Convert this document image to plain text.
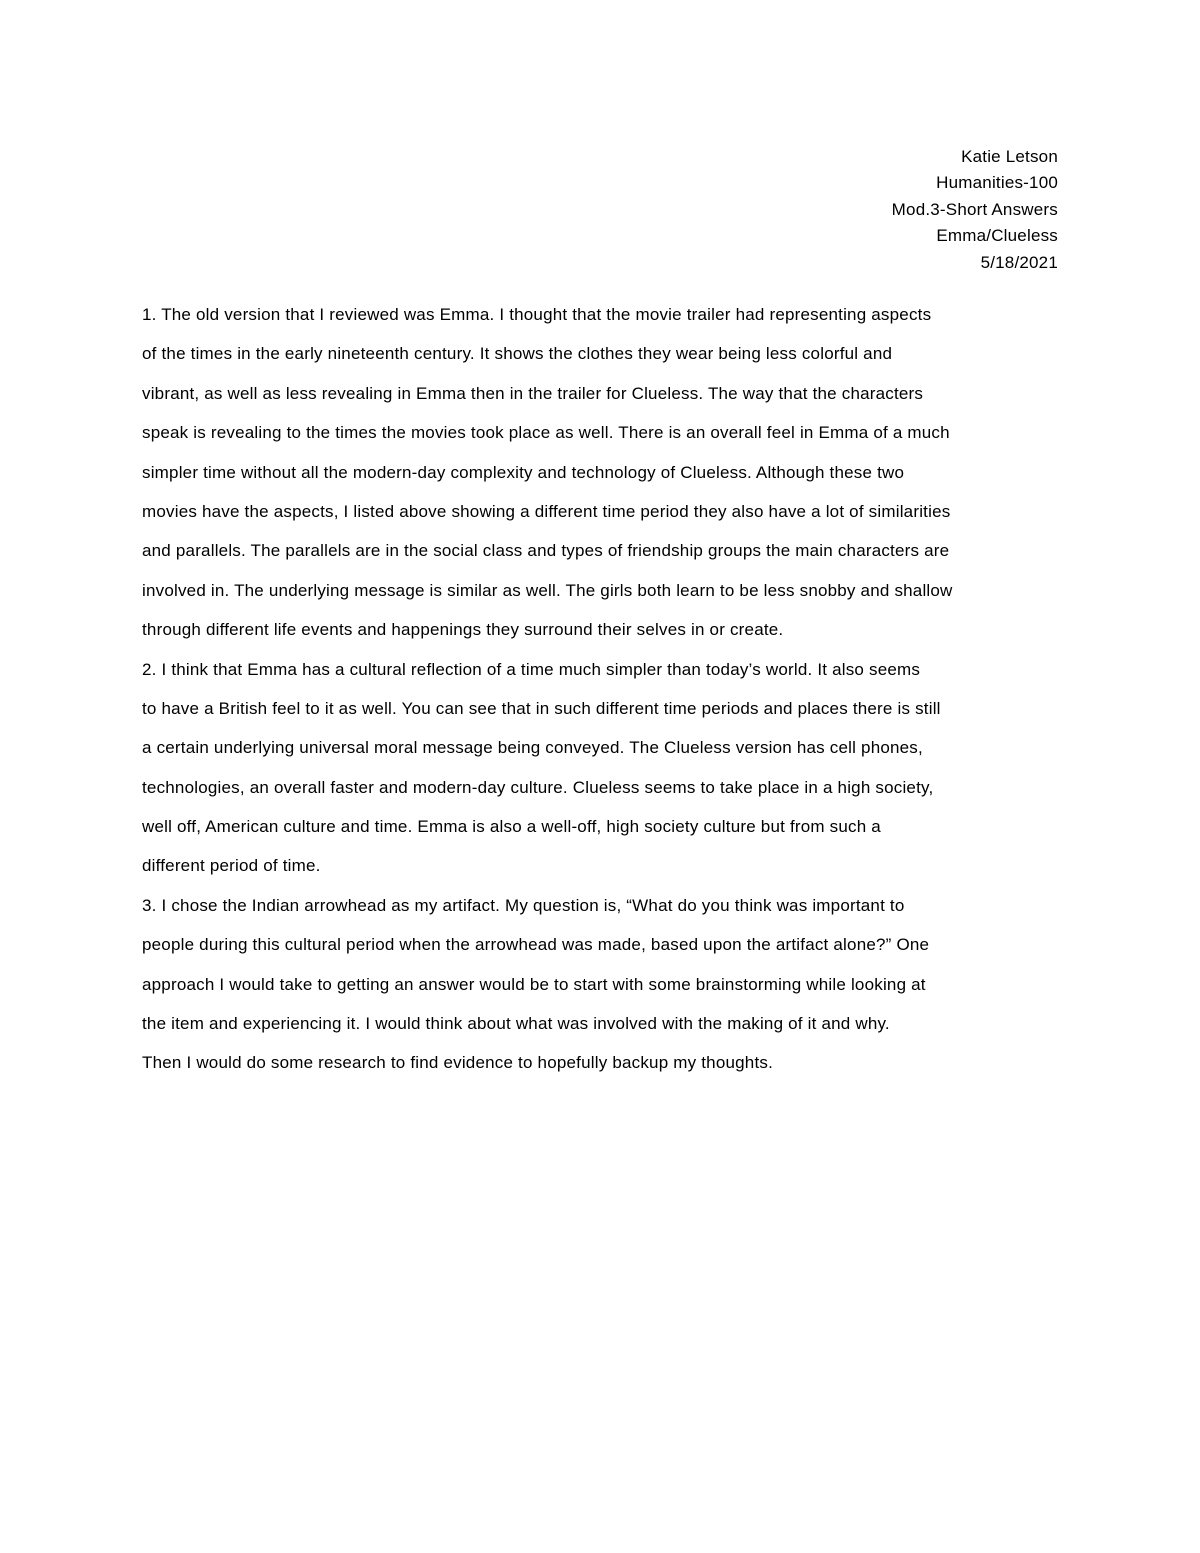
Katie Letson
Humanities-100
Mod.3-Short Answers
Emma/Clueless
5/18/2021
1. The old version that I reviewed was Emma. I thought that the movie trailer had representing aspects
of the times in the early nineteenth century. It shows the clothes they wear being less colorful and
vibrant, as well as less revealing in Emma then in the trailer for Clueless. The way that the characters
speak is revealing to the times the movies took place as well. There is an overall feel in Emma of a much
simpler time without all the modern-day complexity and technology of Clueless. Although these two
movies have the aspects, I listed above showing a different time period they also have a lot of similarities
and parallels. The parallels are in the social class and types of friendship groups the main characters are
involved in. The underlying message is similar as well. The girls both learn to be less snobby and shallow
through different life events and happenings they surround their selves in or create.
2. I think that Emma has a cultural reflection of a time much simpler than today’s world. It also seems
to have a British feel to it as well. You can see that in such different time periods and places there is still
a certain underlying universal moral message being conveyed. The Clueless version has cell phones,
technologies, an overall faster and modern-day culture. Clueless seems to take place in a high society,
well off, American culture and time. Emma is also a well-off, high society culture but from such a
different period of time.
3. I chose the Indian arrowhead as my artifact. My question is, “What do you think was important to
people during this cultural period when the arrowhead was made, based upon the artifact alone?” One
approach I would take to getting an answer would be to start with some brainstorming while looking at
the item and experiencing it. I would think about what was involved with the making of it and why.
Then I would do some research to find evidence to hopefully backup my thoughts.
